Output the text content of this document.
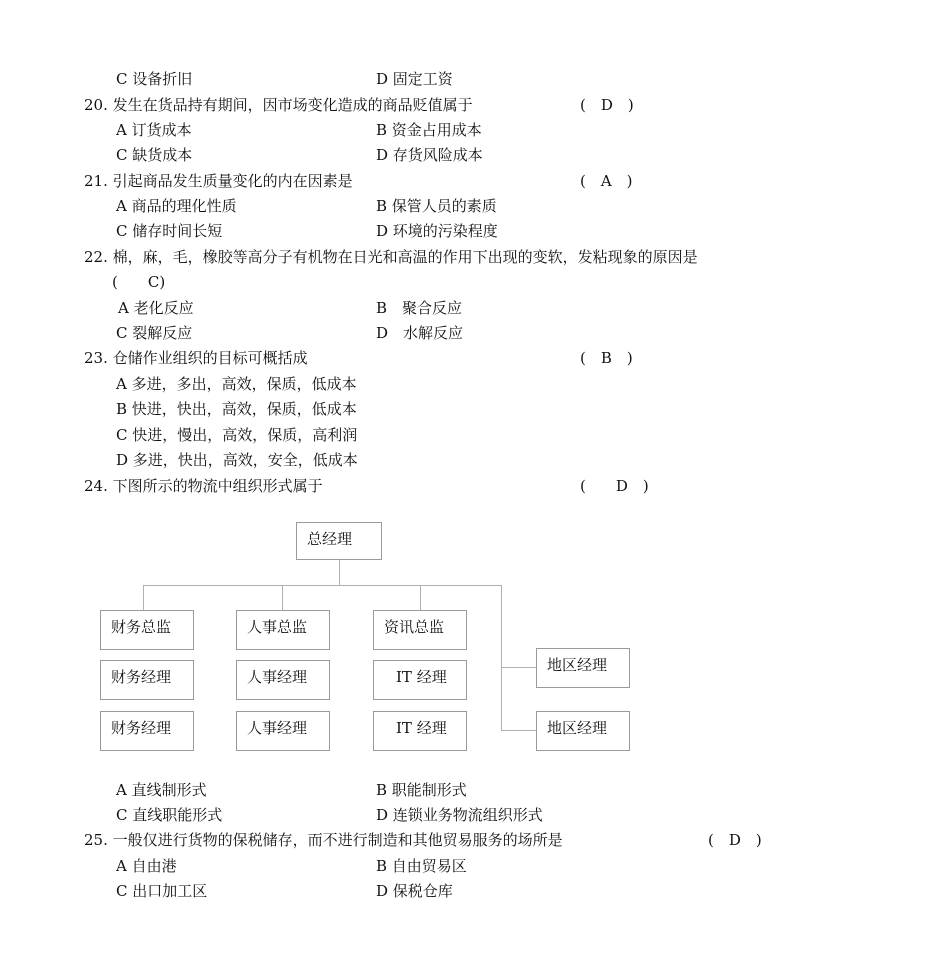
C 设备折旧	D 固定工资
20. 发生在货品持有期间，因市场变化造成的商品贬值属于	(　D　)
A 订货成本	B 资金占用成本
C 缺货成本	D 存货风险成本
21. 引起商品发生质量变化的内在因素是	(　A　)
A 商品的理化性质	B 保管人员的素质
C 储存时间长短	D 环境的污染程度
22. 棉，麻，毛，橡胶等高分子有机物在日光和高温的作用下出现的变软，发粘现象的原因是
(　　C)
A 老化反应	B　聚合反应
C 裂解反应	D　水解反应
23. 仓储作业组织的目标可概括成	(　B　)
A 多进，多出，高效，保质，低成本
B 快进，快出，高效，保质，低成本
C 快进，慢出，高效，保质，高利润
D 多进，快出，高效，安全，低成本
24. 下图所示的物流中组织形式属于	(　　D　)
总经理
财务总监
财务经理
财务经理
人事总监
人事经理
人事经理
资讯总监
IT 经理
IT 经理
地区经理
地区经理
A 直线制形式	B 职能制形式
C 直线职能形式	D 连锁业务物流组织形式
25. 一般仅进行货物的保税储存，而不进行制造和其他贸易服务的场所是	(　D　)
A 自由港	B 自由贸易区
C 出口加工区	D 保税仓库
